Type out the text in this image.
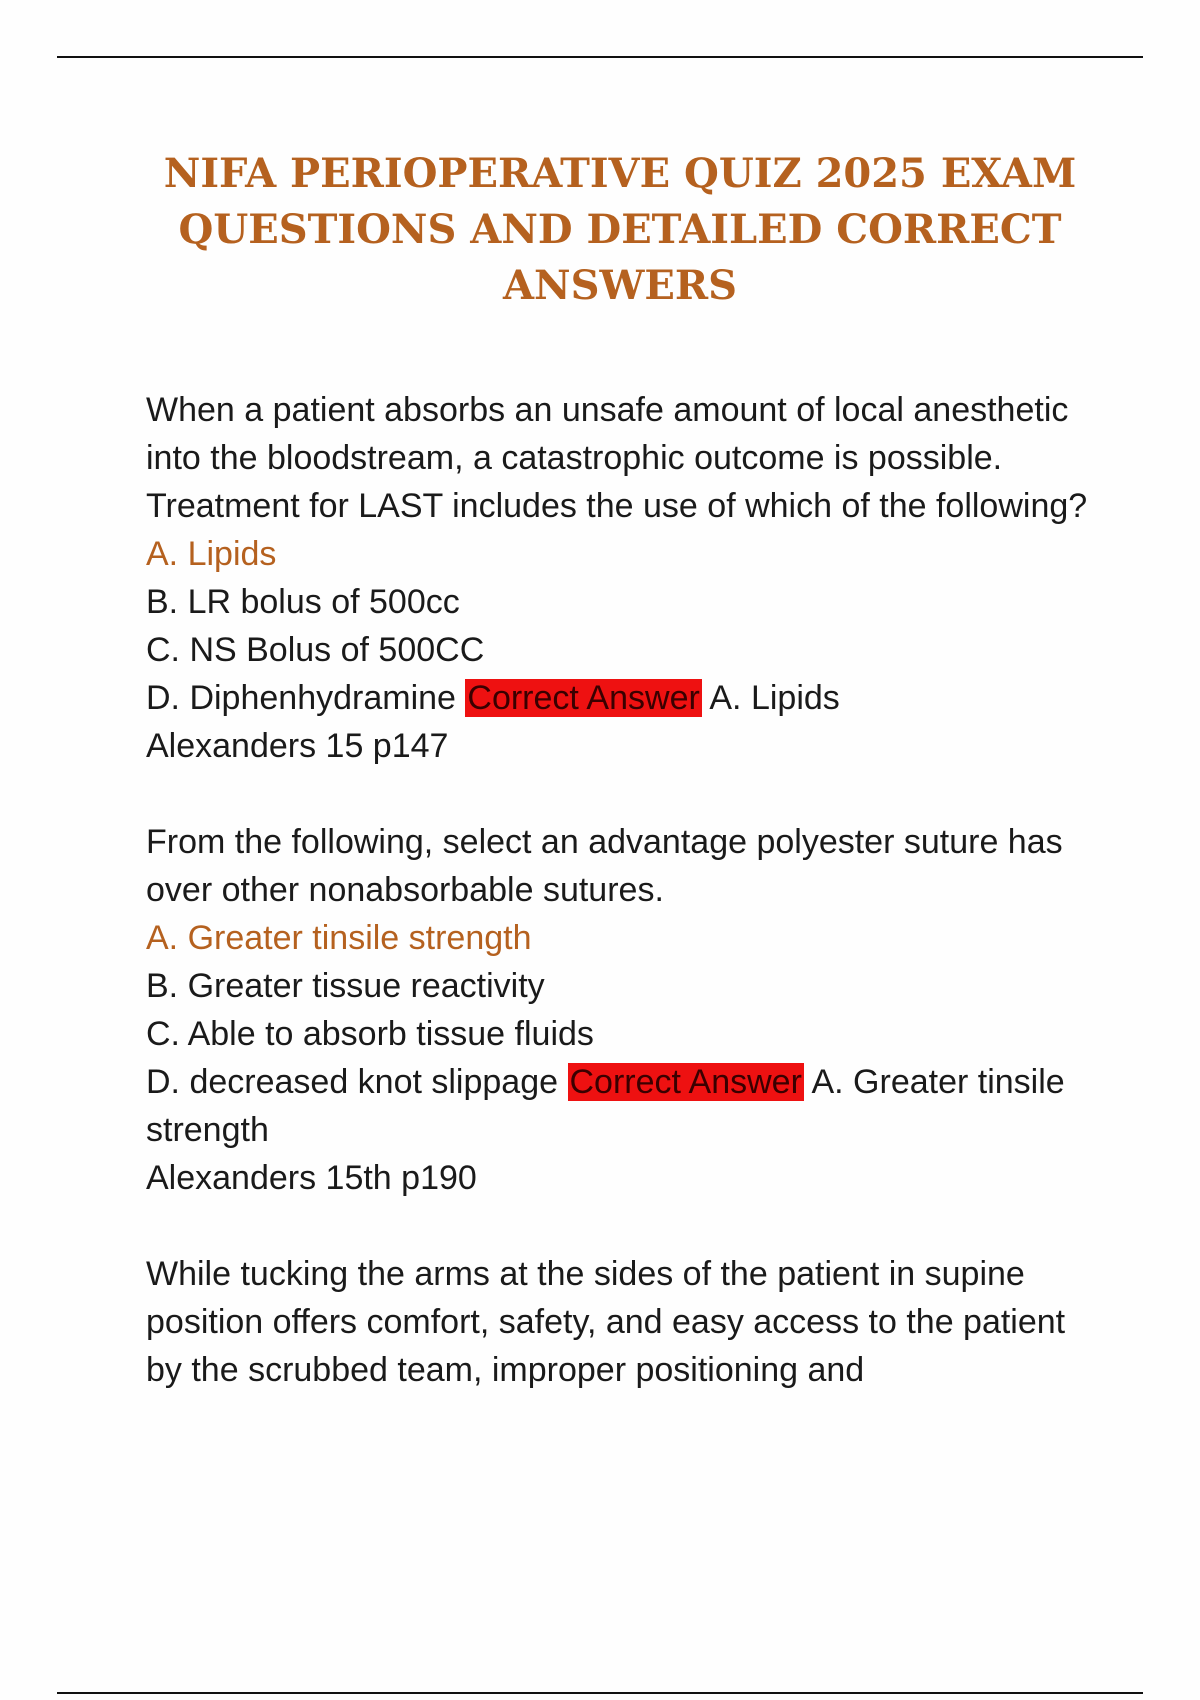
NIFA PERIOPERATIVE QUIZ 2025 EXAM QUESTIONS AND DETAILED CORRECT ANSWERS

When a patient absorbs an unsafe amount of local anesthetic into the bloodstream, a catastrophic outcome is possible. Treatment for LAST includes the use of which of the following?

A. Lipids
B. LR bolus of 500cc
C. NS Bolus of 500CC
D. Diphenhydramine Correct Answer A. Lipids
Alexanders 15 p147

From the following, select an advantage polyester suture has over other nonabsorbable sutures.

A. Greater tinsile strength
B. Greater tissue reactivity
C. Able to absorb tissue fluids

D. decreased knot slippage Correct Answer A. Greater tinsile strength

Alexanders 15th p190

While tucking the arms at the sides of the patient in supine position offers comfort, safety, and easy access to the patient by the scrubbed team, improper positioning and
